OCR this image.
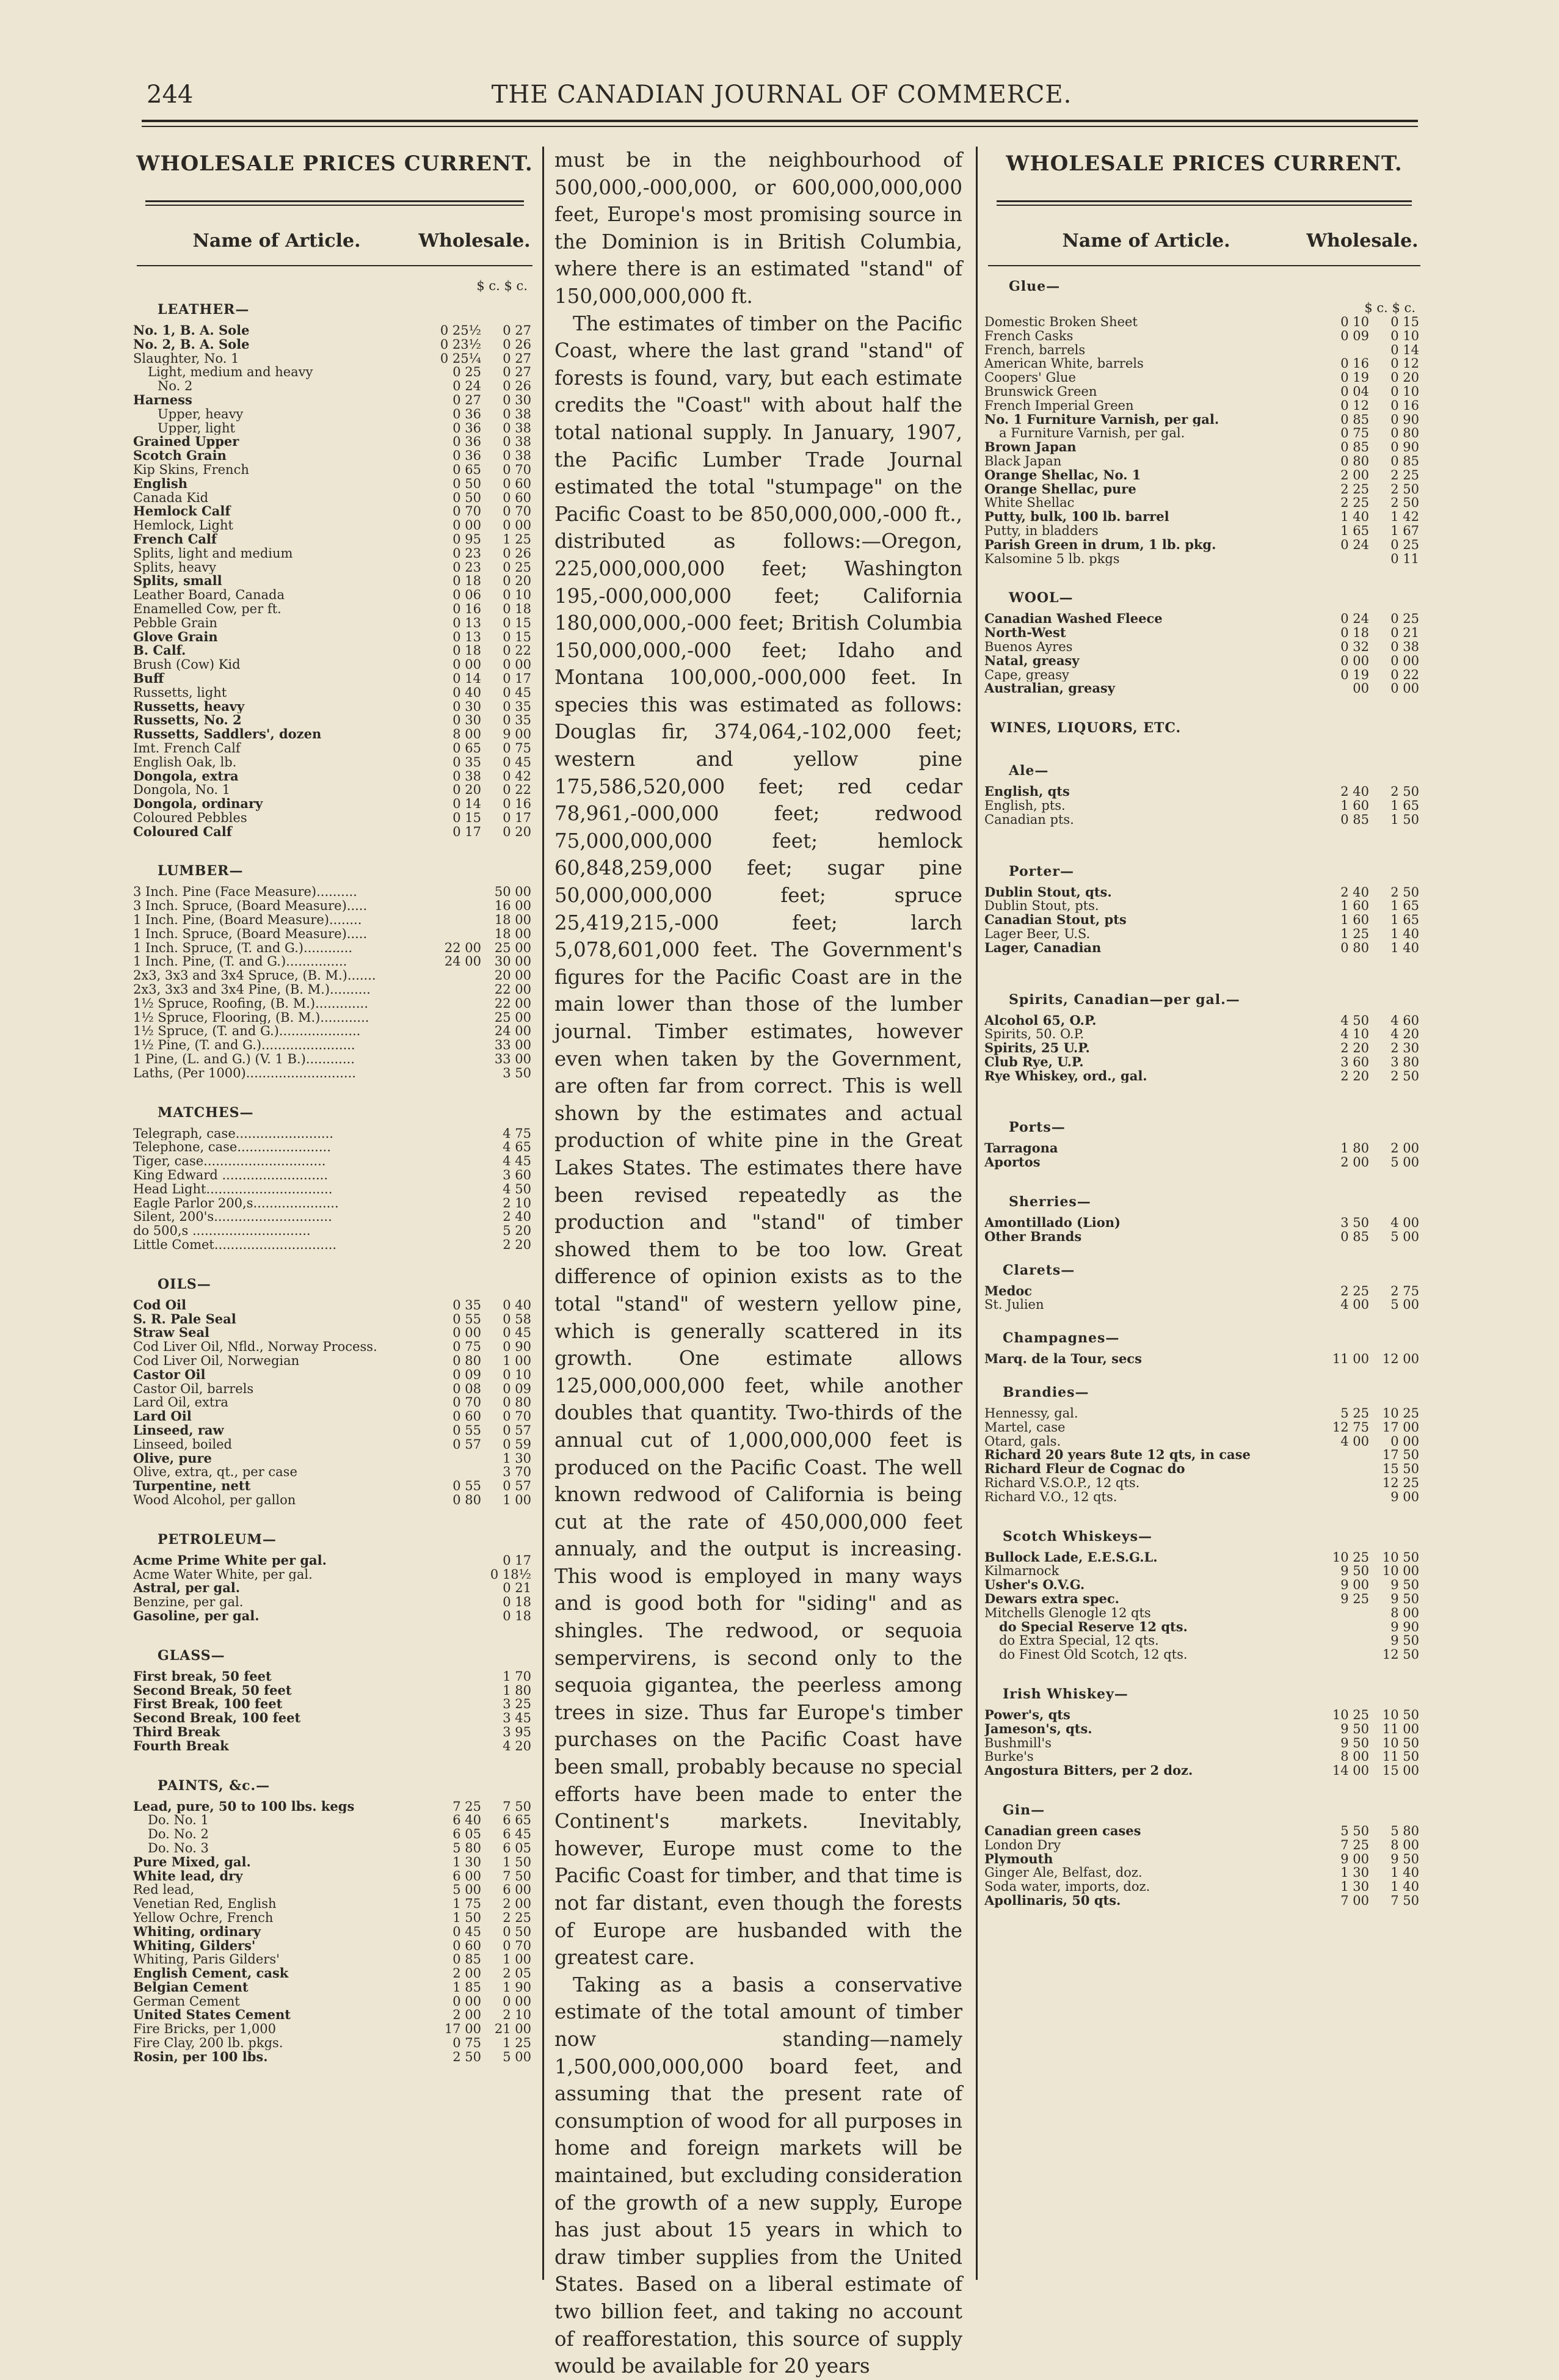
244	THE CANADIAN JOURNAL OF COMMERCE.
WHOLESALE PRICES CURRENT.
Name of Article.	Wholesale.
$ c. $ c.
LEATHER—
No. 1, B. A. Sole	0 25½	0 27
No. 2, B. A. Sole	0 23½	0 26
Slaughter, No. 1	0 25¼	0 27
Light, medium and heavy	0 25	0 27
No. 2	0 24	0 26
Harness	0 27	0 30
Upper, heavy	0 36	0 38
Upper, light	0 36	0 38
Grained Upper	0 36	0 38
Scotch Grain	0 36	0 38
Kip Skins, French	0 65	0 70
English	0 50	0 60
Canada Kid	0 50	0 60
Hemlock Calf	0 70	0 70
Hemlock, Light	0 00	0 00
French Calf	0 95	1 25
Splits, light and medium	0 23	0 26
Splits, heavy	0 23	0 25
Splits, small	0 18	0 20
Leather Board, Canada	0 06	0 10
Enamelled Cow, per ft.	0 16	0 18
Pebble Grain	0 13	0 15
Glove Grain	0 13	0 15
B. Calf.	0 18	0 22
Brush (Cow) Kid	0 00	0 00
Buff	0 14	0 17
Russetts, light	0 40	0 45
Russetts, heavy	0 30	0 35
Russetts, No. 2	0 30	0 35
Russetts, Saddlers', dozen	8 00	9 00
Imt. French Calf	0 65	0 75
English Oak, lb.	0 35	0 45
Dongola, extra	0 38	0 42
Dongola, No. 1	0 20	0 22
Dongola, ordinary	0 14	0 16
Coloured Pebbles	0 15	0 17
Coloured Calf	0 17	0 20
LUMBER—
3 Inch. Pine (Face Measure)..........	50 00
3 Inch. Spruce, (Board Measure).....	16 00
1 Inch. Pine, (Board Measure)........	18 00
1 Inch. Spruce, (Board Measure).....	18 00
1 Inch. Spruce, (T. and G.)............	22 00	25 00
1 Inch. Pine, (T. and G.)...............	24 00	30 00
2x3, 3x3 and 3x4 Spruce, (B. M.).......	20 00
2x3, 3x3 and 3x4 Pine, (B. M.)..........	22 00
1½ Spruce, Roofing, (B. M.).............	22 00
1½ Spruce, Flooring, (B. M.)............	25 00
1½ Spruce, (T. and G.)....................	24 00
1½ Pine, (T. and G.).......................	33 00
1 Pine, (L. and G.) (V. 1 B.)............	33 00
Laths, (Per 1000)...........................	3 50
MATCHES—
Telegraph, case........................	4 75
Telephone, case.......................	4 65
Tiger, case..............................	4 45
King Edward ..........................	3 60
Head Light...............................	4 50
Eagle Parlor 200,s.....................	2 10
Silent, 200's.............................	2 40
do 500,s .............................	5 20
Little Comet..............................	2 20
OILS—
Cod Oil	0 35	0 40
S. R. Pale Seal	0 55	0 58
Straw Seal	0 00	0 45
Cod Liver Oil, Nfld., Norway Process.	0 75	0 90
Cod Liver Oil, Norwegian	0 80	1 00
Castor Oil	0 09	0 10
Castor Oil, barrels	0 08	0 09
Lard Oil, extra	0 70	0 80
Lard Oil	0 60	0 70
Linseed, raw	0 55	0 57
Linseed, boiled	0 57	0 59
Olive, pure	1 30
Olive, extra, qt., per case	3 70
Turpentine, nett	0 55	0 57
Wood Alcohol, per gallon	0 80	1 00
PETROLEUM—
Acme Prime White per gal.	0 17
Acme Water White, per gal.	0 18½
Astral, per gal.	0 21
Benzine, per gal.	0 18
Gasoline, per gal.	0 18
GLASS—
First break, 50 feet	1 70
Second Break, 50 feet	1 80
First Break, 100 feet	3 25
Second Break, 100 feet	3 45
Third Break	3 95
Fourth Break	4 20
PAINTS, &c.—
Lead, pure, 50 to 100 lbs. kegs	7 25	7 50
Do. No. 1	6 40	6 65
Do. No. 2	6 05	6 45
Do. No. 3	5 80	6 05
Pure Mixed, gal.	1 30	1 50
White lead, dry	6 00	7 50
Red lead,	5 00	6 00
Venetian Red, English	1 75	2 00
Yellow Ochre, French	1 50	2 25
Whiting, ordinary	0 45	0 50
Whiting, Gilders'	0 60	0 70
Whiting, Paris Gilders'	0 85	1 00
English Cement, cask	2 00	2 05
Belgian Cement	1 85	1 90
German Cement	0 00	0 00
United States Cement	2 00	2 10
Fire Bricks, per 1,000	17 00	21 00
Fire Clay, 200 lb. pkgs.	0 75	1 25
Rosin, per 100 lbs.	2 50	5 00

must be in the neighbourhood of 500,000,-000,000, or 600,000,000,000 feet, Europe's most promising source in the Dominion is in British Columbia, where there is an estimated "stand" of 150,000,000,000 ft.

The estimates of timber on the Pacific Coast, where the last grand "stand" of forests is found, vary, but each estimate credits the "Coast" with about half the total national supply. In January, 1907, the Pacific Lumber Trade Journal estimated the total "stumpage" on the Pacific Coast to be 850,000,000,-000 ft., distributed as follows:—Oregon, 225,000,000,000 feet; Washington 195,-000,000,000 feet; California 180,000,000,-000 feet; British Columbia 150,000,000,-000 feet; Idaho and Montana 100,000,-000,000 feet. In species this was estimated as follows: Douglas fir, 374,064,-102,000 feet; western and yellow pine 175,586,520,000 feet; red cedar 78,961,-000,000 feet; redwood 75,000,000,000 feet; hemlock 60,848,259,000 feet; sugar pine 50,000,000,000 feet; spruce 25,419,215,-000 feet; larch 5,078,601,000 feet. The Government's figures for the Pacific Coast are in the main lower than those of the lumber journal. Timber estimates, however even when taken by the Government, are often far from correct. This is well shown by the estimates and actual production of white pine in the Great Lakes States. The estimates there have been revised repeatedly as the production and "stand" of timber showed them to be too low. Great difference of opinion exists as to the total "stand" of western yellow pine, which is generally scattered in its growth. One estimate allows 125,000,000,000 feet, while another doubles that quantity. Two-thirds of the annual cut of 1,000,000,000 feet is produced on the Pacific Coast. The well known redwood of California is being cut at the rate of 450,000,000 feet annualy, and the output is increasing. This wood is employed in many ways and is good both for "siding" and as shingles. The redwood, or sequoia sempervirens, is second only to the sequoia gigantea, the peerless among trees in size. Thus far Europe's timber purchases on the Pacific Coast have been small, probably because no special efforts have been made to enter the Continent's markets. Inevitably, however, Europe must come to the Pacific Coast for timber, and that time is not far distant, even though the forests of Europe are husbanded with the greatest care.

Taking as a basis a conservative estimate of the total amount of timber now standing—namely 1,500,000,000,000 board feet, and assuming that the present rate of consumption of wood for all purposes in home and foreign markets will be maintained, but excluding consideration of the growth of a new supply, Europe has just about 15 years in which to draw timber supplies from the United States. Based on a liberal estimate of two billion feet, and taking no account of reafforestation, this source of supply would be available for 20 years

WHOLESALE PRICES CURRENT.
Name of Article.	Wholesale.
Glue—
$ c. $ c.
Domestic Broken Sheet	0 10	0 15
French Casks	0 09	0 10
French, barrels	0 14
American White, barrels	0 16	0 12
Coopers' Glue	0 19	0 20
Brunswick Green	0 04	0 10
French Imperial Green	0 12	0 16
No. 1 Furniture Varnish, per gal.	0 85	0 90
a Furniture Varnish, per gal.	0 75	0 80
Brown Japan	0 85	0 90
Black Japan	0 80	0 85
Orange Shellac, No. 1	2 00	2 25
Orange Shellac, pure	2 25	2 50
White Shellac	2 25	2 50
Putty, bulk, 100 lb. barrel	1 40	1 42
Putty, in bladders	1 65	1 67
Parish Green in drum, 1 lb. pkg.	0 24	0 25
Kalsomine 5 lb. pkgs	0 11
WOOL—
Canadian Washed Fleece	0 24	0 25
North-West	0 18	0 21
Buenos Ayres	0 32	0 38
Natal, greasy	0 00	0 00
Cape, greasy	0 19	0 22
Australian, greasy	00	0 00
WINES, LIQUORS, ETC.
Ale—
English, qts	2 40	2 50
English, pts.	1 60	1 65
Canadian pts.	0 85	1 50
Porter—
Dublin Stout, qts.	2 40	2 50
Dublin Stout, pts.	1 60	1 65
Canadian Stout, pts	1 60	1 65
Lager Beer, U.S.	1 25	1 40
Lager, Canadian	0 80	1 40
Spirits, Canadian—per gal.—
Alcohol 65, O.P.	4 50	4 60
Spirits, 50. O.P.	4 10	4 20
Spirits, 25 U.P.	2 20	2 30
Club Rye, U.P.	3 60	3 80
Rye Whiskey, ord., gal.	2 20	2 50
Ports—
Tarragona	1 80	2 00
Aportos	2 00	5 00
Sherries—
Amontillado (Lion)	3 50	4 00
Other Brands	0 85	5 00
Clarets—
Medoc	2 25	2 75
St. Julien	4 00	5 00
Champagnes—
Marq. de la Tour, secs	11 00	12 00
Brandies—
Hennessy, gal.	5 25	10 25
Martel, case	12 75	17 00
Otard, gals.	4 00	0 00
Richard 20 years 8ute 12 qts, in case	17 50
Richard Fleur de Cognac do	15 50
Richard V.S.O.P., 12 qts.	12 25
Richard V.O., 12 qts.	9 00
Scotch Whiskeys—
Bullock Lade, E.E.S.G.L.	10 25	10 50
Kilmarnock	9 50	10 00
Usher's O.V.G.	9 00	9 50
Dewars extra spec.	9 25	9 50
Mitchells Glenogle 12 qts	8 00
do Special Reserve 12 qts.	9 90
do Extra Special, 12 qts.	9 50
do Finest Old Scotch, 12 qts.	12 50
Irish Whiskey—
Power's, qts	10 25	10 50
Jameson's, qts.	9 50	11 00
Bushmill's	9 50	10 50
Burke's	8 00	11 50
Angostura Bitters, per 2 doz.	14 00	15 00
Gin—
Canadian green cases	5 50	5 80
London Dry	7 25	8 00
Plymouth	9 00	9 50
Ginger Ale, Belfast, doz.	1 30	1 40
Soda water, imports, doz.	1 30	1 40
Apollinaris, 50 qts.	7 00	7 50
